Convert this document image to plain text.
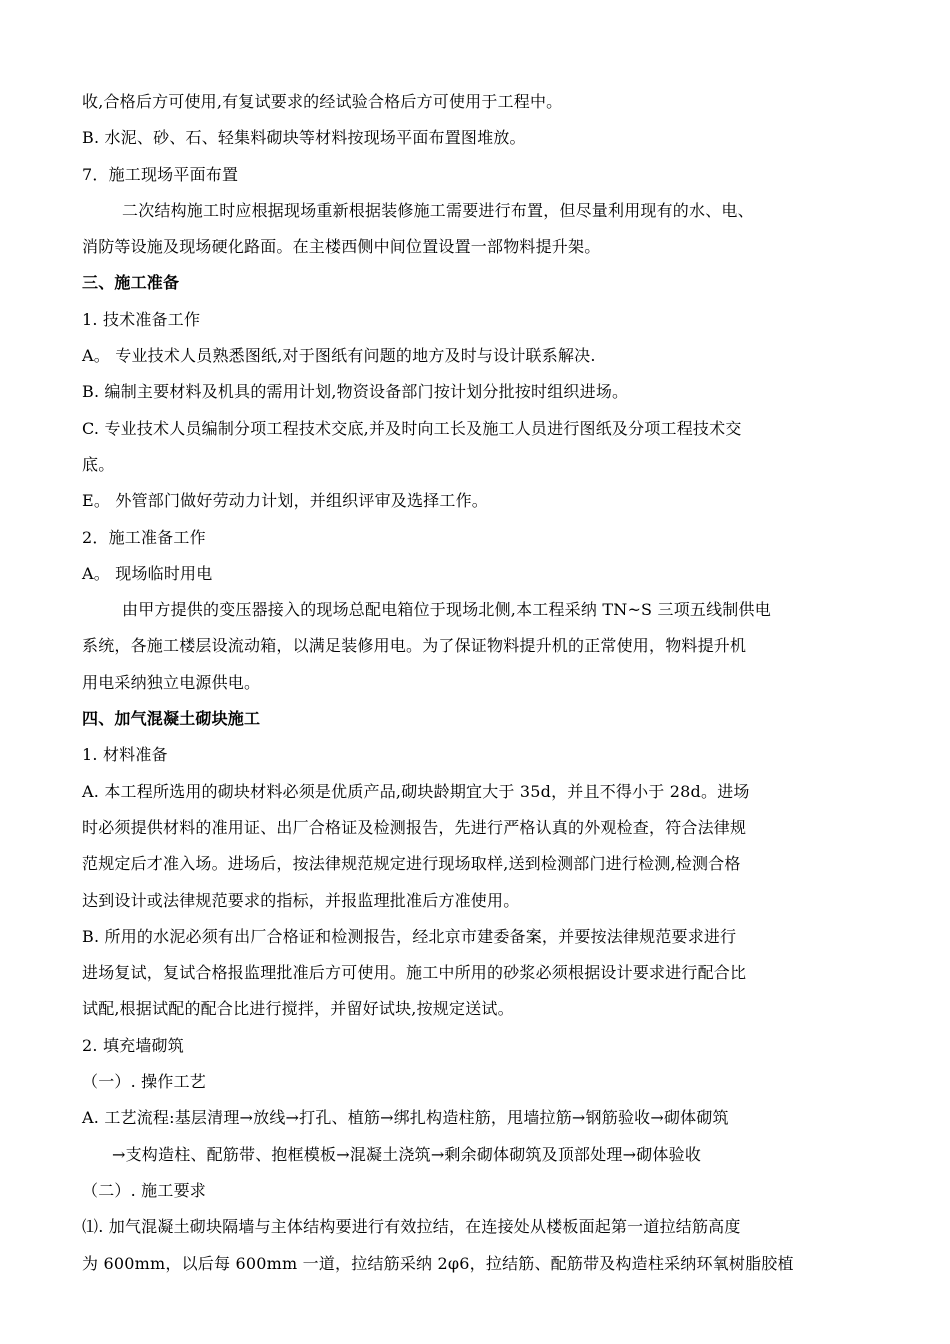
收,合格后方可使用,有复试要求的经试验合格后方可使用于工程中。
B. 水泥、砂、石、轻集料砌块等材料按现场平面布置图堆放。
7．施工现场平面布置
二次结构施工时应根据现场重新根据装修施工需要进行布置，但尽量利用现有的水、电、
消防等设施及现场硬化路面。在主楼西侧中间位置设置一部物料提升架。
三、施工准备
1. 技术准备工作
A。 专业技术人员熟悉图纸,对于图纸有问题的地方及时与设计联系解决.
B. 编制主要材料及机具的需用计划,物资设备部门按计划分批按时组织进场。
C. 专业技术人员编制分项工程技术交底,并及时向工长及施工人员进行图纸及分项工程技术交
底。
E。 外管部门做好劳动力计划，并组织评审及选择工作。
2．施工准备工作
A。 现场临时用电
由甲方提供的变压器接入的现场总配电箱位于现场北侧,本工程采纳 TN~S 三项五线制供电
系统，各施工楼层设流动箱，以满足装修用电。为了保证物料提升机的正常使用，物料提升机
用电采纳独立电源供电。
四、加气混凝土砌块施工
1. 材料准备
A. 本工程所选用的砌块材料必须是优质产品,砌块龄期宜大于 35d，并且不得小于 28d。进场
时必须提供材料的准用证、出厂合格证及检测报告，先进行严格认真的外观检查，符合法律规
范规定后才准入场。进场后，按法律规范规定进行现场取样,送到检测部门进行检测,检测合格
达到设计或法律规范要求的指标，并报监理批准后方准使用。
B. 所用的水泥必须有出厂合格证和检测报告，经北京市建委备案，并要按法律规范要求进行
进场复试，复试合格报监理批准后方可使用。施工中所用的砂浆必须根据设计要求进行配合比
试配,根据试配的配合比进行搅拌，并留好试块,按规定送试。
2. 填充墙砌筑
（一）. 操作工艺
A. 工艺流程:基层清理→放线→打孔、植筋→绑扎构造柱筋，甩墙拉筋→钢筋验收→砌体砌筑
→支构造柱、配筋带、抱框模板→混凝土浇筑→剩余砌体砌筑及顶部处理→砌体验收
（二）. 施工要求
⑴. 加气混凝土砌块隔墙与主体结构要进行有效拉结，在连接处从楼板面起第一道拉结筋高度
为 600mm，以后每 600mm 一道，拉结筋采纳 2φ6，拉结筋、配筋带及构造柱采纳环氧树脂胶植
